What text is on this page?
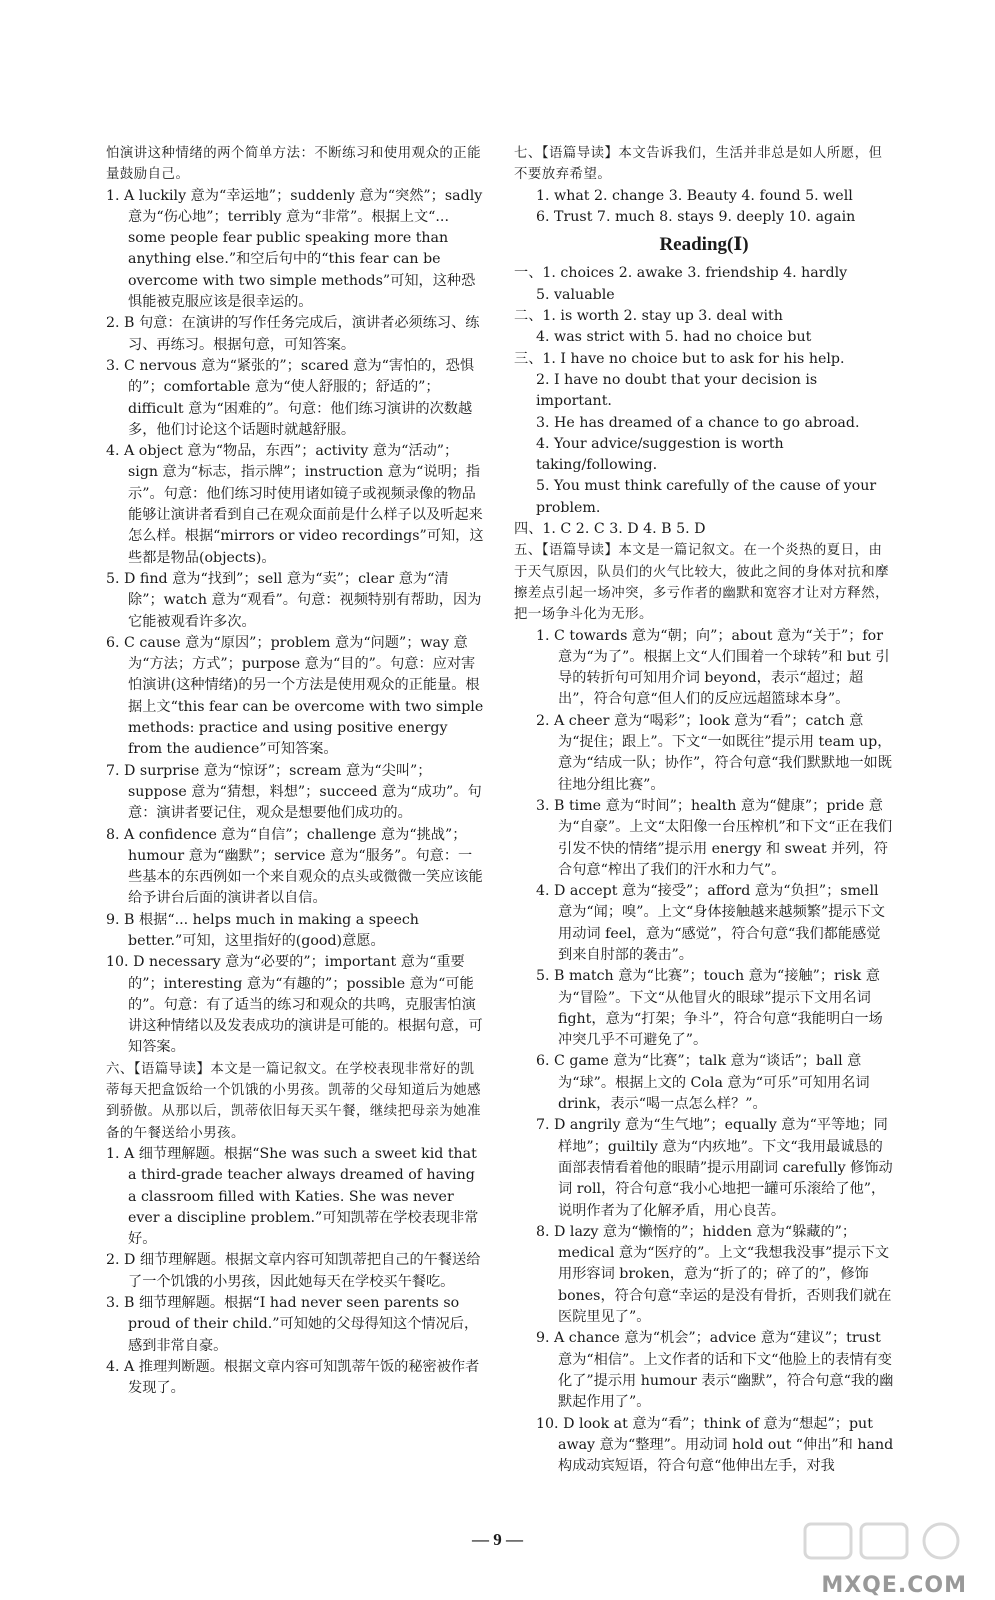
怕演讲这种情绪的两个简单方法：不断练习和使用观众的正能量鼓励自己。

1. A luckily 意为“幸运地”；suddenly 意为“突然”；sadly 意为“伤心地”；terribly 意为“非常”。根据上文“... some people fear public speaking more than anything else.”和空后句中的“this fear can be overcome with two simple methods”可知，这种恐惧能被克服应该是很幸运的。

2. B 句意：在演讲的写作任务完成后，演讲者必须练习、练习、再练习。根据句意，可知答案。

3. C nervous 意为“紧张的”；scared 意为“害怕的，恐惧的”；comfortable 意为“使人舒服的；舒适的”；difficult 意为“困难的”。句意：他们练习演讲的次数越多，他们讨论这个话题时就越舒服。

4. A object 意为“物品，东西”；activity 意为“活动”；sign 意为“标志，指示牌”；instruction 意为“说明；指示”。句意：他们练习时使用诸如镜子或视频录像的物品能够让演讲者看到自己在观众面前是什么样子以及听起来怎么样。根据“mirrors or video recordings”可知，这些都是物品(objects)。

5. D find 意为“找到”；sell 意为“卖”；clear 意为“清除”；watch 意为“观看”。句意：视频特别有帮助，因为它能被观看许多次。

6. C cause 意为“原因”；problem 意为“问题”；way 意为“方法；方式”；purpose 意为“目的”。句意：应对害怕演讲(这种情绪)的另一个方法是使用观众的正能量。根据上文“this fear can be overcome with two simple methods: practice and using positive energy from the audience”可知答案。

7. D surprise 意为“惊讶”；scream 意为“尖叫”；suppose 意为“猜想，料想”；succeed 意为“成功”。句意：演讲者要记住，观众是想要他们成功的。

8. A confidence 意为“自信”；challenge 意为“挑战”；humour 意为“幽默”；service 意为“服务”。句意：一些基本的东西例如一个来自观众的点头或微微一笑应该能给予讲台后面的演讲者以自信。

9. B 根据“... helps much in making a speech better.”可知，这里指好的(good)意愿。

10. D necessary 意为“必要的”；important 意为“重要的”；interesting 意为“有趣的”；possible 意为“可能的”。句意：有了适当的练习和观众的共鸣，克服害怕演讲这种情绪以及发表成功的演讲是可能的。根据句意，可知答案。

六、【语篇导读】本文是一篇记叙文。在学校表现非常好的凯蒂每天把盒饭给一个饥饿的小男孩。凯蒂的父母知道后为她感到骄傲。从那以后，凯蒂依旧每天买午餐，继续把母亲为她准备的午餐送给小男孩。

1. A 细节理解题。根据“She was such a sweet kid that a third-grade teacher always dreamed of having a classroom filled with Katies. She was never ever a discipline problem.”可知凯蒂在学校表现非常好。

2. D 细节理解题。根据文章内容可知凯蒂把自己的午餐送给了一个饥饿的小男孩，因此她每天在学校买午餐吃。

3. B 细节理解题。根据“I had never seen parents so proud of their child.”可知她的父母得知这个情况后，感到非常自豪。

4. A 推理判断题。根据文章内容可知凯蒂午饭的秘密被作者发现了。

七、【语篇导读】本文告诉我们，生活并非总是如人所愿，但不要放弃希望。

1. what 2. change 3. Beauty 4. found 5. well

6. Trust 7. much 8. stays 9. deeply 10. again

Reading(Ⅰ)

一、1. choices 2. awake 3. friendship 4. hardly

5. valuable

二、1. is worth 2. stay up 3. deal with

4. was strict with 5. had no choice but

三、1. I have no choice but to ask for his help.

2. I have no doubt that your decision is important.

3. He has dreamed of a chance to go abroad.

4. Your advice/suggestion is worth taking/following.

5. You must think carefully of the cause of your problem.

四、1. C 2. C 3. D 4. B 5. D

五、【语篇导读】本文是一篇记叙文。在一个炎热的夏日，由于天气原因，队员们的火气比较大，彼此之间的身体对抗和摩擦差点引起一场冲突，多亏作者的幽默和宽容才让对方释然，把一场争斗化为无形。

1. C towards 意为“朝；向”；about 意为“关于”；for 意为“为了”。根据上文“人们围着一个球转”和 but 引导的转折句可知用介词 beyond，表示“超过；超出”，符合句意“但人们的反应远超篮球本身”。

2. A cheer 意为“喝彩”；look 意为“看”；catch 意为“捉住；跟上”。下文“一如既往”提示用 team up，意为“结成一队；协作”，符合句意“我们默默地一如既往地分组比赛”。

3. B time 意为“时间”；health 意为“健康”；pride 意为“自豪”。上文“太阳像一台压榨机”和下文“正在我们引发不快的情绪”提示用 energy 和 sweat 并列，符合句意“榨出了我们的汗水和力气”。

4. D accept 意为“接受”；afford 意为“负担”；smell 意为“闻；嗅”。上文“身体接触越来越频繁”提示下文用动词 feel，意为“感觉”，符合句意“我们都能感觉到来自肘部的袭击”。

5. B match 意为“比赛”；touch 意为“接触”；risk 意为“冒险”。下文“从他冒火的眼球”提示下文用名词 fight，意为“打架；争斗”，符合句意“我能明白一场冲突几乎不可避免了”。

6. C game 意为“比赛”；talk 意为“谈话”；ball 意为“球”。根据上文的 Cola 意为“可乐”可知用名词 drink，表示“喝一点怎么样？”。

7. D angrily 意为“生气地”；equally 意为“平等地；同样地”；guiltily 意为“内疚地”。下文“我用最诚恳的面部表情看着他的眼睛”提示用副词 carefully 修饰动词 roll，符合句意“我小心地把一罐可乐滚给了他”，说明作者为了化解矛盾，用心良苦。

8. D lazy 意为“懒惰的”；hidden 意为“躲藏的”；medical 意为“医疗的”。上文“我想我没事”提示下文用形容词 broken，意为“折了的；碎了的”，修饰 bones，符合句意“幸运的是没有骨折，否则我们就在医院里见了”。

9. A chance 意为“机会”；advice 意为“建议”；trust 意为“相信”。上文作者的话和下文“他脸上的表情有变化了”提示用 humour 表示“幽默”，符合句意“我的幽默起作用了”。

10. D look at 意为“看”；think of 意为“想起”；put away 意为“整理”。用动词 hold out “伸出”和 hand 构成动宾短语，符合句意“他伸出左手，对我

— 9 —
MXQE.COM
